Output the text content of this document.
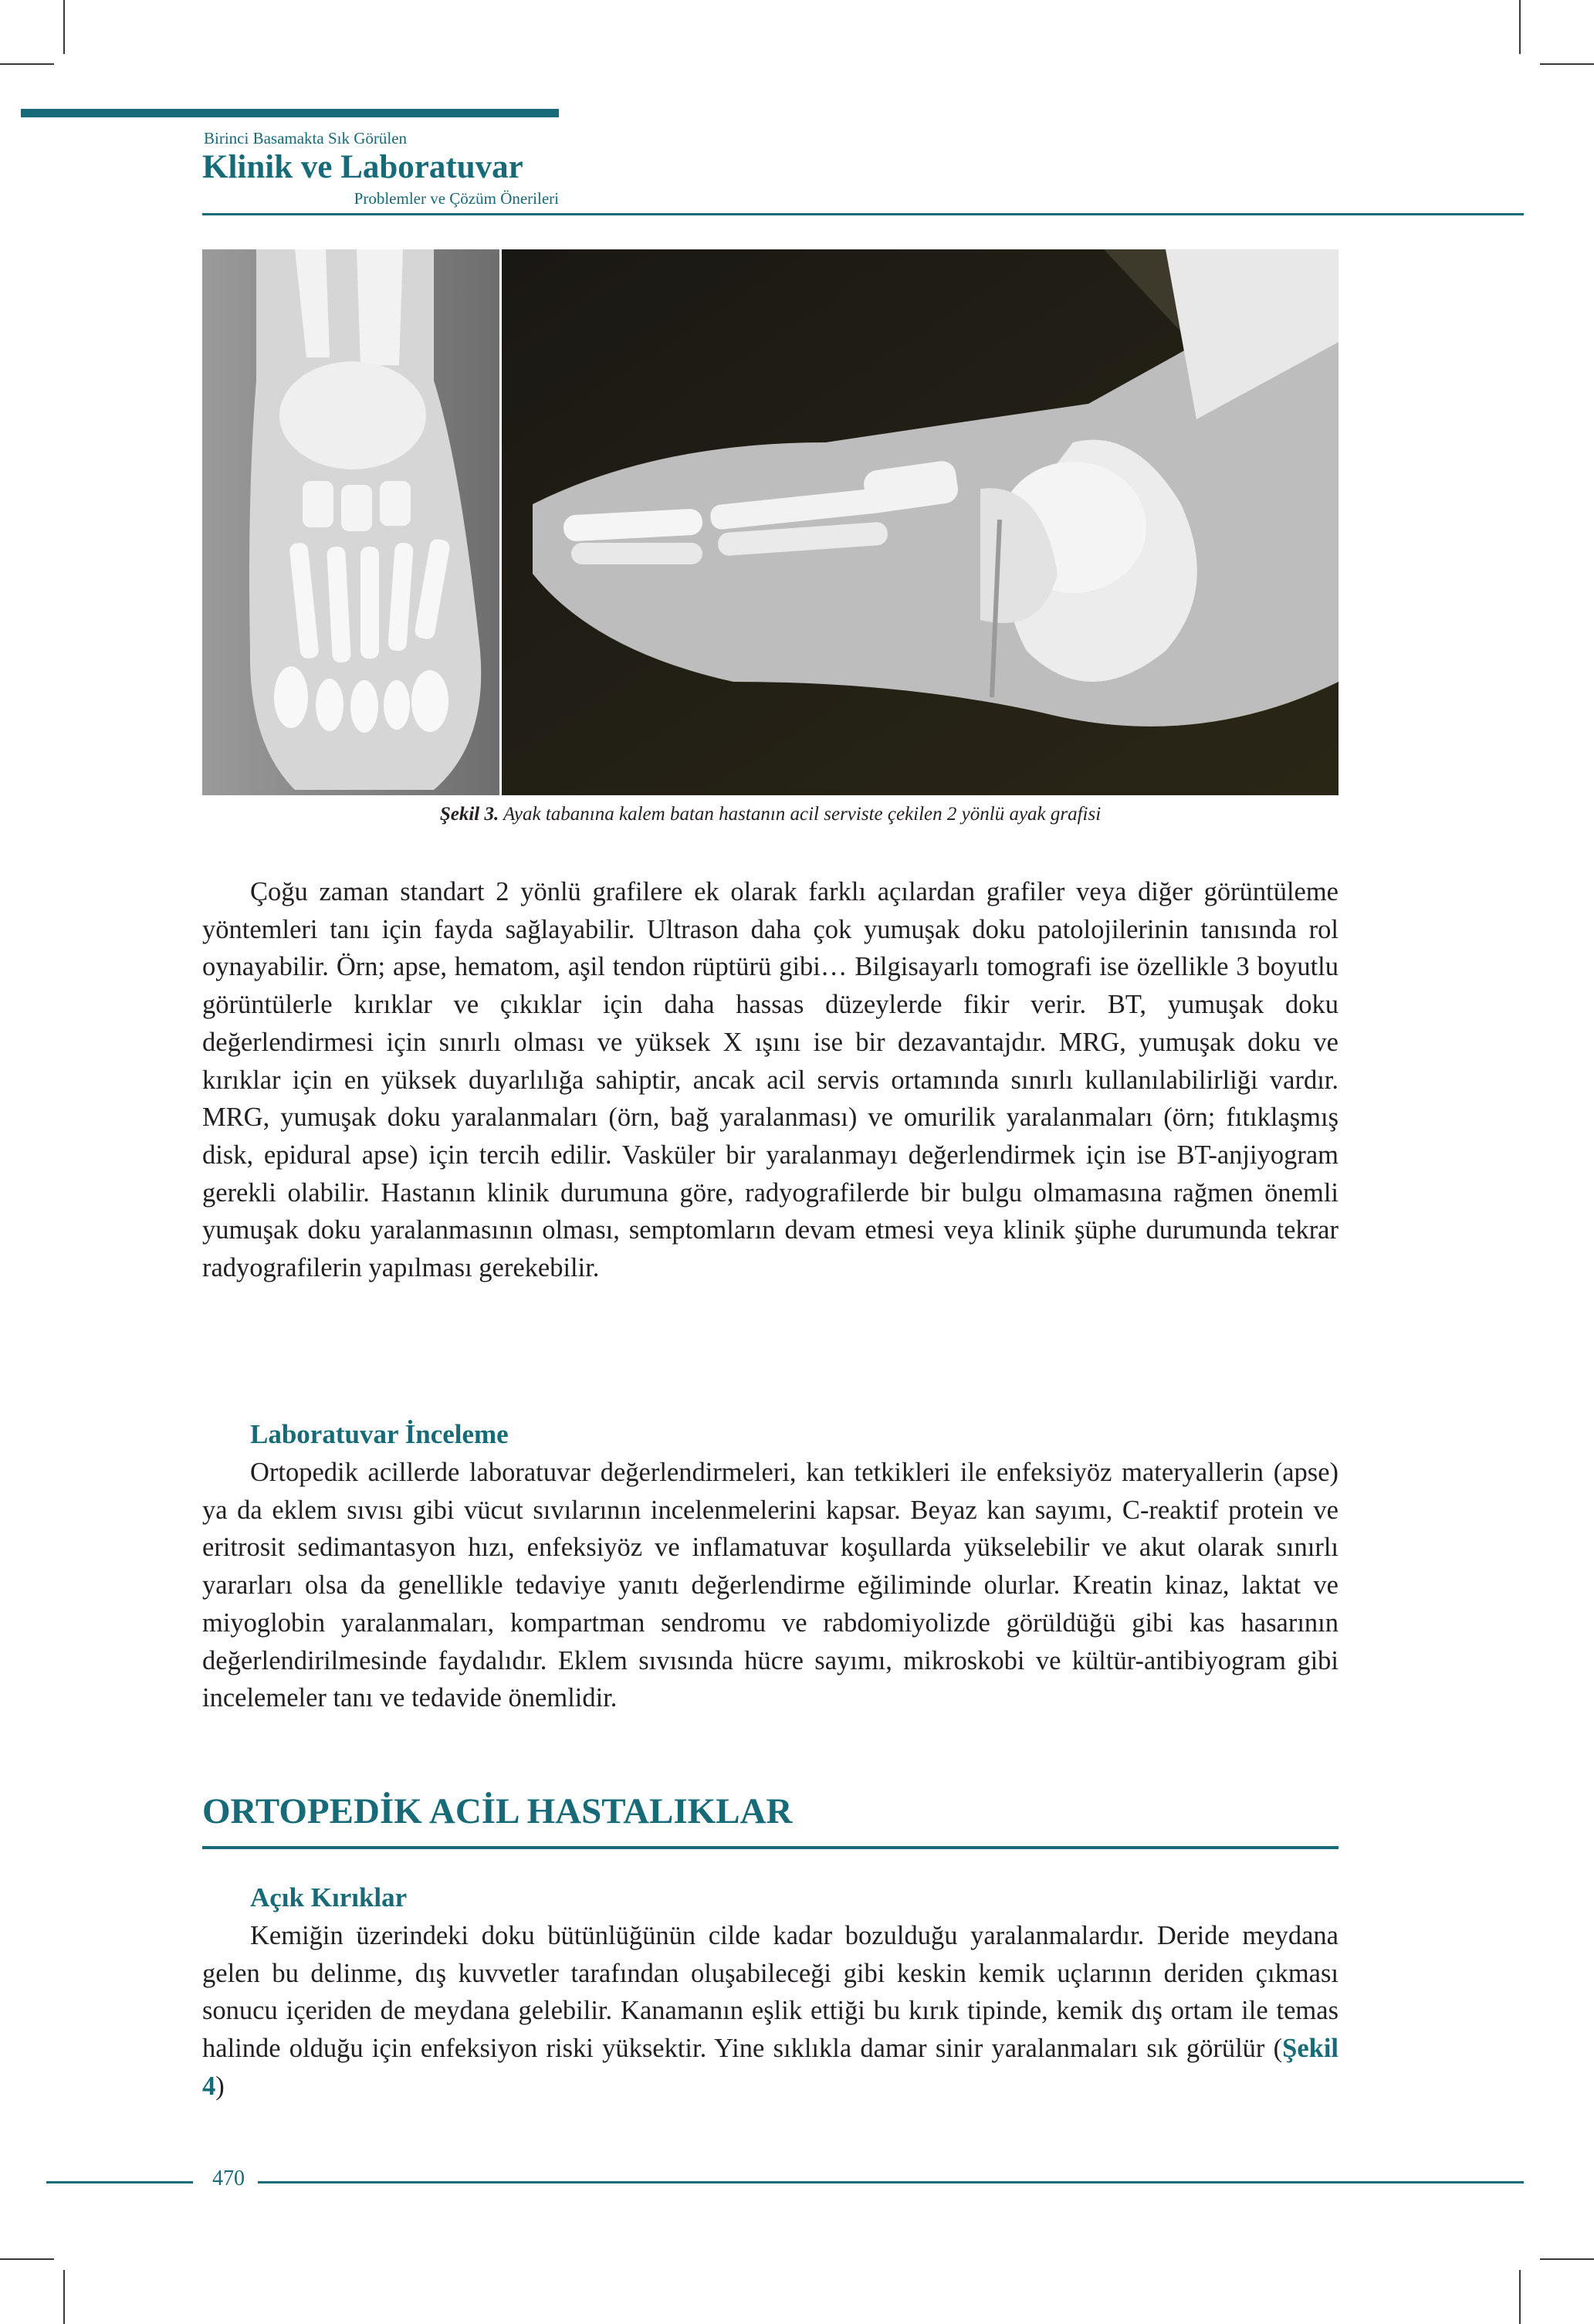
Birinci Basamakta Sık Görülen
Klinik ve Laboratuvar
Problemler ve Çözüm Önerileri
Şekil 3. Ayak tabanına kalem batan hastanın acil serviste çekilen 2 yönlü ayak grafisi

Çoğu zaman standart 2 yönlü grafilere ek olarak farklı açılardan grafiler veya diğer görüntüleme yöntemleri tanı için fayda sağlayabilir. Ultrason daha çok yumuşak doku patolojilerinin tanısında rol oynayabilir. Örn; apse, hematom, aşil tendon rüptürü gibi… Bilgisayarlı tomografi ise özellikle 3 boyutlu görüntülerle kırıklar ve çıkıklar için daha hassas düzeylerde fikir verir. BT, yumuşak doku değerlendirmesi için sınırlı olması ve yüksek X ışını ise bir dezavantajdır. MRG, yumuşak doku ve kırıklar için en yüksek duyarlılığa sahiptir, ancak acil servis ortamında sınırlı kullanılabilirliği vardır. MRG, yumuşak doku yaralanmaları (örn, bağ yaralanması) ve omurilik yaralanmaları (örn; fıtıklaşmış disk, epidural apse) için tercih edilir. Vasküler bir yaralanmayı değerlendirmek için ise BT-anjiyogram gerekli olabilir. Hastanın klinik durumuna göre, radyografilerde bir bulgu olmamasına rağmen önemli yumuşak doku yaralanmasının olması, semptomların devam etmesi veya klinik şüphe durumunda tekrar radyografilerin yapılması gerekebilir.

Laboratuvar İnceleme

Ortopedik acillerde laboratuvar değerlendirmeleri, kan tetkikleri ile enfeksiyöz materyallerin (apse) ya da eklem sıvısı gibi vücut sıvılarının incelenmelerini kapsar. Beyaz kan sayımı, C-reaktif protein ve eritrosit sedimantasyon hızı, enfeksiyöz ve inflamatuvar koşullarda yükselebilir ve akut olarak sınırlı yararları olsa da genellikle tedaviye yanıtı değerlendirme eğiliminde olurlar. Kreatin kinaz, laktat ve miyoglobin yaralanmaları, kompartman sendromu ve rabdomiyolizde görüldüğü gibi kas hasarının değerlendirilmesinde faydalıdır. Eklem sıvısında hücre sayımı, mikroskobi ve kültür-antibiyogram gibi incelemeler tanı ve tedavide önemlidir.

ORTOPEDİK ACİL HASTALIKLAR
Açık Kırıklar

Kemiğin üzerindeki doku bütünlüğünün cilde kadar bozulduğu yaralanmalardır. Deride meydana gelen bu delinme, dış kuvvetler tarafından oluşabileceği gibi keskin kemik uçlarının deriden çıkması sonucu içeriden de meydana gelebilir. Kanamanın eşlik ettiği bu kırık tipinde, kemik dış ortam ile temas halinde olduğu için enfeksiyon riski yüksektir. Yine sıklıkla damar sinir yaralanmaları sık görülür (Şekil 4)

470
